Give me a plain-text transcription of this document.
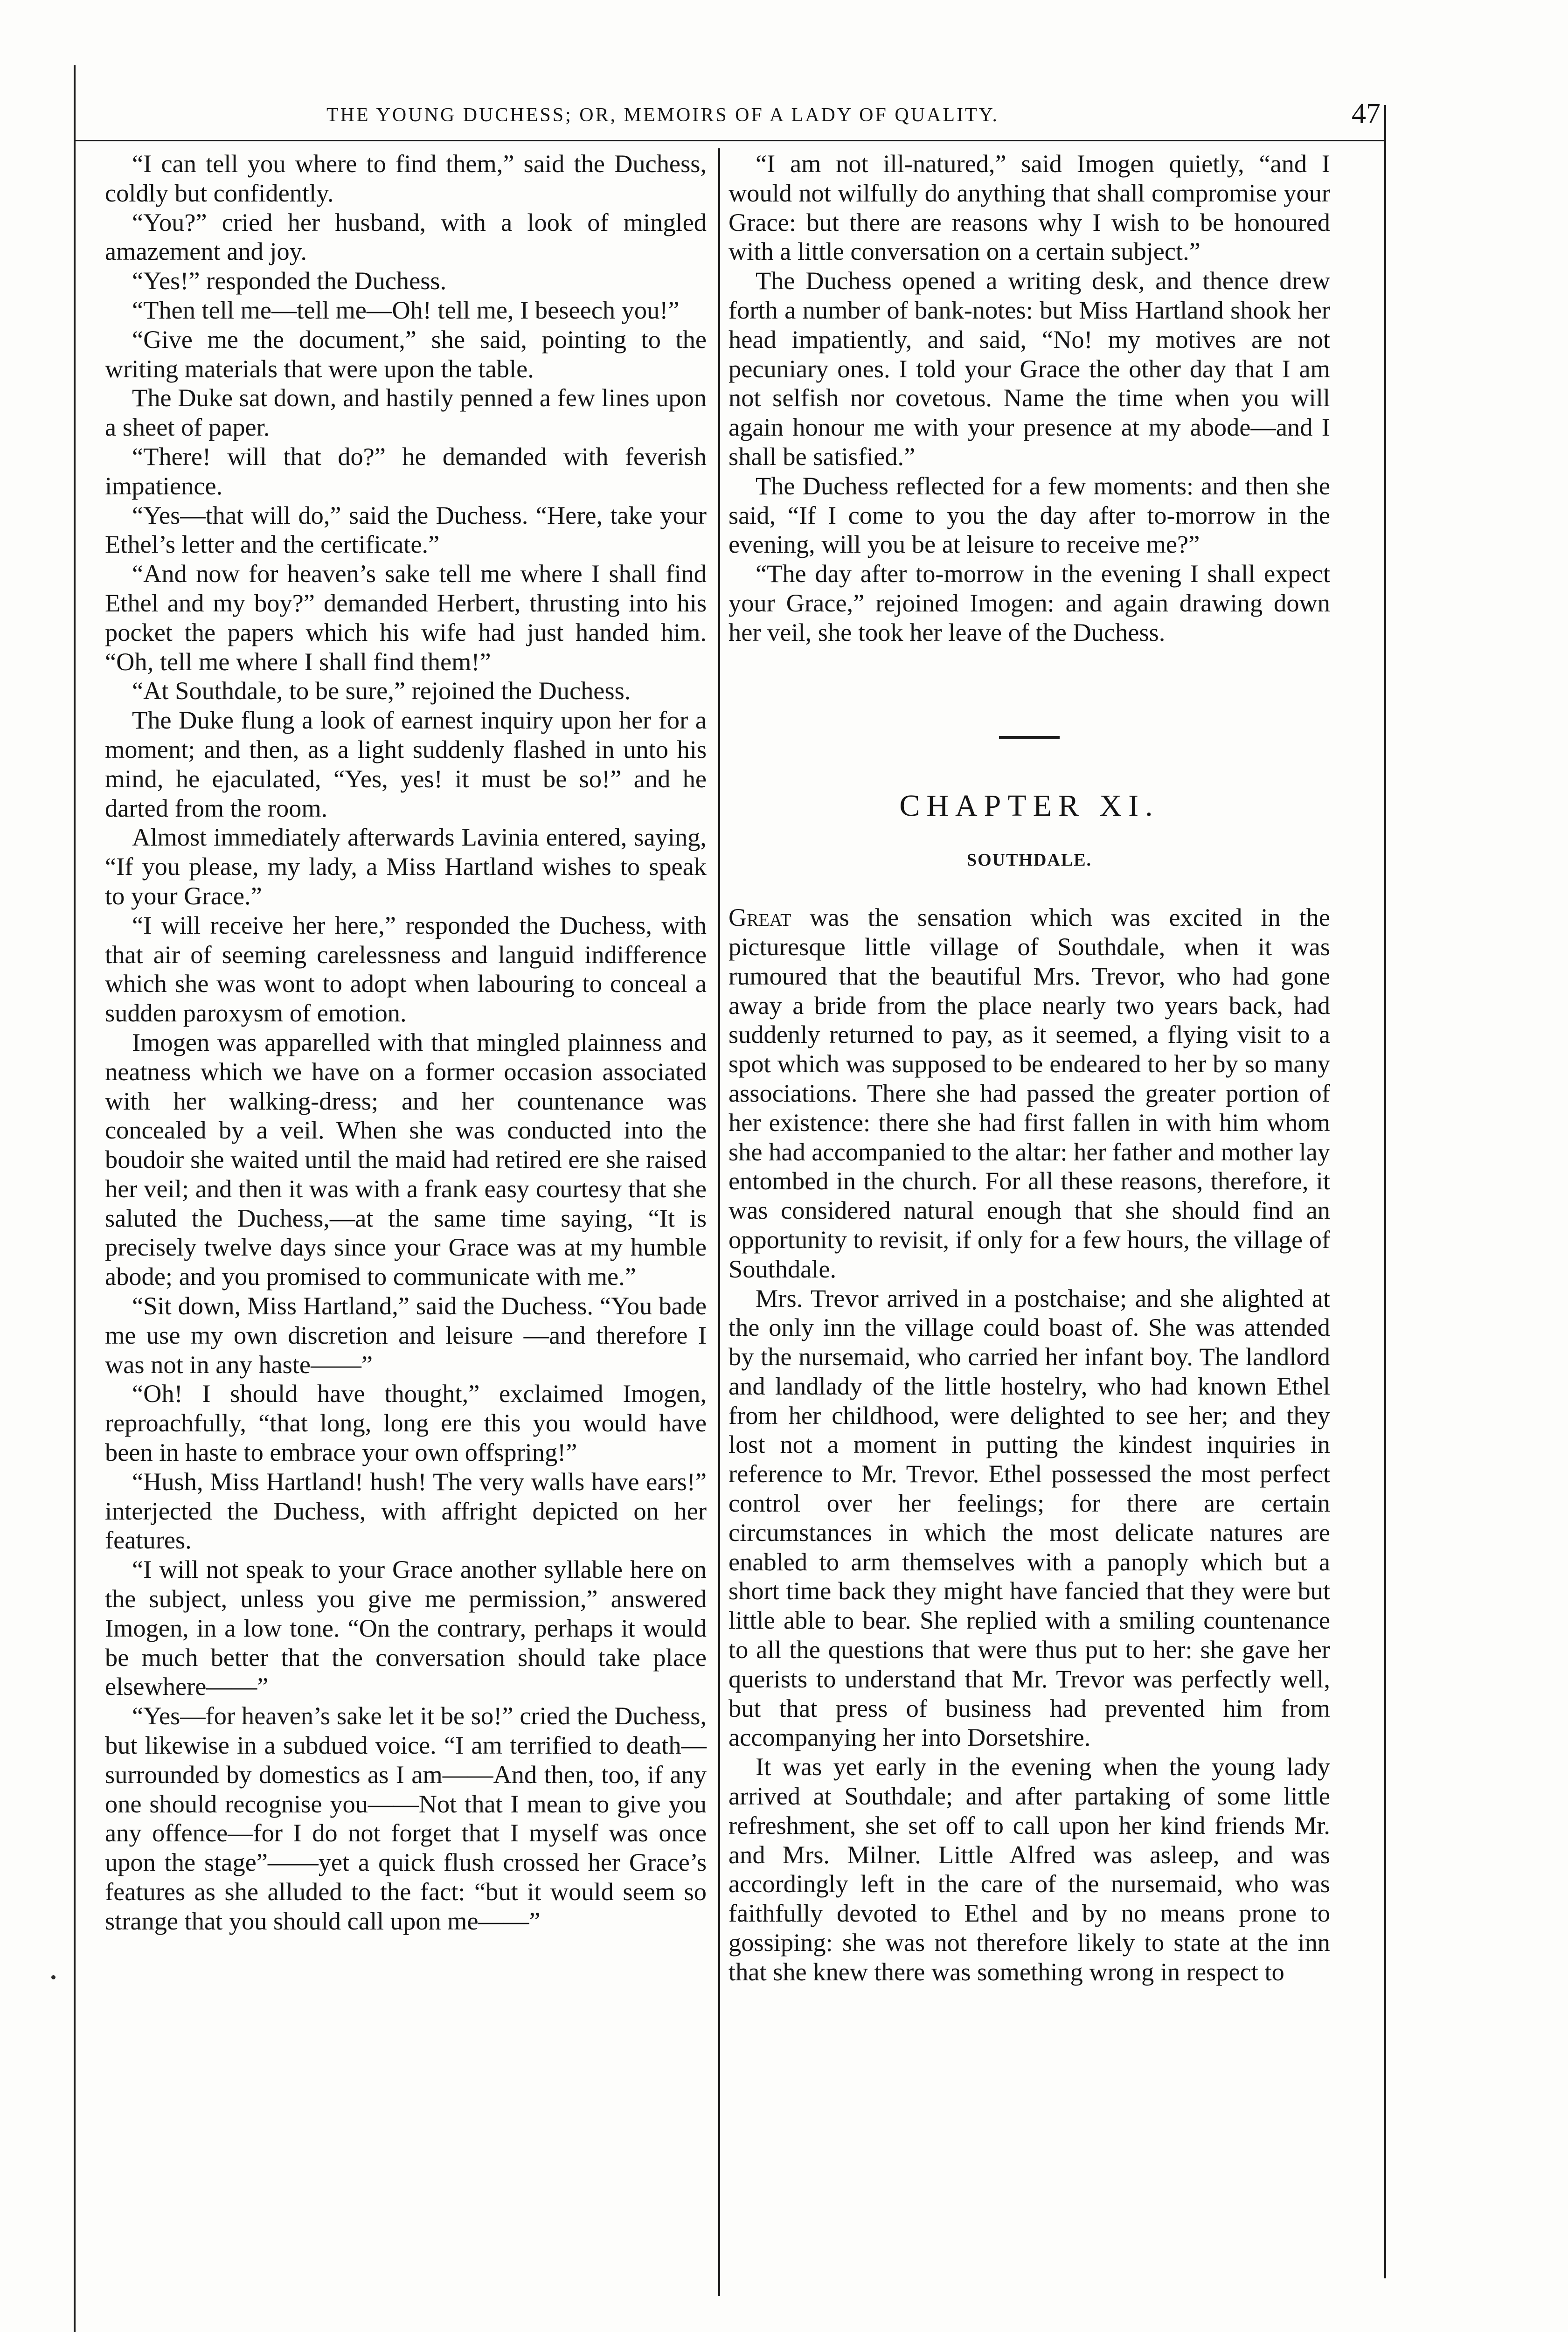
THE YOUNG DUCHESS; OR, MEMOIRS OF A LADY OF QUALITY.	47

“I can tell you where to find them,” said the Duchess, coldly but confidently.

“You?” cried her husband, with a look of mingled amazement and joy.

“Yes!” responded the Duchess.

“Then tell me—tell me—Oh! tell me, I beseech you!”

“Give me the document,” she said, pointing to the writing materials that were upon the table.

The Duke sat down, and hastily penned a few lines upon a sheet of paper.

“There! will that do?” he demanded with feverish impatience.

“Yes—that will do,” said the Duchess. “Here, take your Ethel’s letter and the certificate.”

“And now for heaven’s sake tell me where I shall find Ethel and my boy?” demanded Herbert, thrusting into his pocket the papers which his wife had just handed him. “Oh, tell me where I shall find them!”

“At Southdale, to be sure,” rejoined the Duchess.

The Duke flung a look of earnest inquiry upon her for a moment; and then, as a light suddenly flashed in unto his mind, he ejaculated, “Yes, yes! it must be so!” and he darted from the room.

Almost immediately afterwards Lavinia entered, saying, “If you please, my lady, a Miss Hartland wishes to speak to your Grace.”

“I will receive her here,” responded the Duchess, with that air of seeming carelessness and languid indifference which she was wont to adopt when labouring to conceal a sudden paroxysm of emotion.

Imogen was apparelled with that mingled plainness and neatness which we have on a former occasion associated with her walking-dress; and her countenance was concealed by a veil. When she was conducted into the boudoir she waited until the maid had retired ere she raised her veil; and then it was with a frank easy courtesy that she saluted the Duchess,—at the same time saying, “It is precisely twelve days since your Grace was at my humble abode; and you promised to communicate with me.”

“Sit down, Miss Hartland,” said the Duchess. “You bade me use my own discretion and leisure —and therefore I was not in any haste——”

“Oh! I should have thought,” exclaimed Imogen, reproachfully, “that long, long ere this you would have been in haste to embrace your own offspring!”

“Hush, Miss Hartland! hush! The very walls have ears!” interjected the Duchess, with affright depicted on her features.

“I will not speak to your Grace another syllable here on the subject, unless you give me permission,” answered Imogen, in a low tone. “On the contrary, perhaps it would be much better that the conversation should take place elsewhere——”

“Yes—for heaven’s sake let it be so!” cried the Duchess, but likewise in a subdued voice. “I am terrified to death—surrounded by domestics as I am——And then, too, if any one should recognise you——Not that I mean to give you any offence—for I do not forget that I myself was once upon the stage”——yet a quick flush crossed her Grace’s features as she alluded to the fact: “but it would seem so strange that you should call upon me——”

“I am not ill-natured,” said Imogen quietly, “and I would not wilfully do anything that shall compromise your Grace: but there are reasons why I wish to be honoured with a little conversation on a certain subject.”

The Duchess opened a writing desk, and thence drew forth a number of bank-notes: but Miss Hartland shook her head impatiently, and said, “No! my motives are not pecuniary ones. I told your Grace the other day that I am not selfish nor covetous. Name the time when you will again honour me with your presence at my abode—and I shall be satisfied.”

The Duchess reflected for a few moments: and then she said, “If I come to you the day after to-morrow in the evening, will you be at leisure to receive me?”

“The day after to-morrow in the evening I shall expect your Grace,” rejoined Imogen: and again drawing down her veil, she took her leave of the Duchess.

CHAPTER XI.
SOUTHDALE.

Great was the sensation which was excited in the picturesque little village of Southdale, when it was rumoured that the beautiful Mrs. Trevor, who had gone away a bride from the place nearly two years back, had suddenly returned to pay, as it seemed, a flying visit to a spot which was supposed to be endeared to her by so many associations. There she had passed the greater portion of her existence: there she had first fallen in with him whom she had accompanied to the altar: her father and mother lay entombed in the church. For all these reasons, therefore, it was considered natural enough that she should find an opportunity to revisit, if only for a few hours, the village of Southdale.

Mrs. Trevor arrived in a postchaise; and she alighted at the only inn the village could boast of. She was attended by the nursemaid, who carried her infant boy. The landlord and landlady of the little hostelry, who had known Ethel from her childhood, were delighted to see her; and they lost not a moment in putting the kindest inquiries in reference to Mr. Trevor. Ethel possessed the most perfect control over her feelings; for there are certain circumstances in which the most delicate natures are enabled to arm themselves with a panoply which but a short time back they might have fancied that they were but little able to bear. She replied with a smiling countenance to all the questions that were thus put to her: she gave her querists to understand that Mr. Trevor was perfectly well, but that press of business had prevented him from accompanying her into Dorsetshire.

It was yet early in the evening when the young lady arrived at Southdale; and after partaking of some little refreshment, she set off to call upon her kind friends Mr. and Mrs. Milner. Little Alfred was asleep, and was accordingly left in the care of the nursemaid, who was faithfully devoted to Ethel and by no means prone to gossiping: she was not therefore likely to state at the inn that she knew there was something wrong in respect to
